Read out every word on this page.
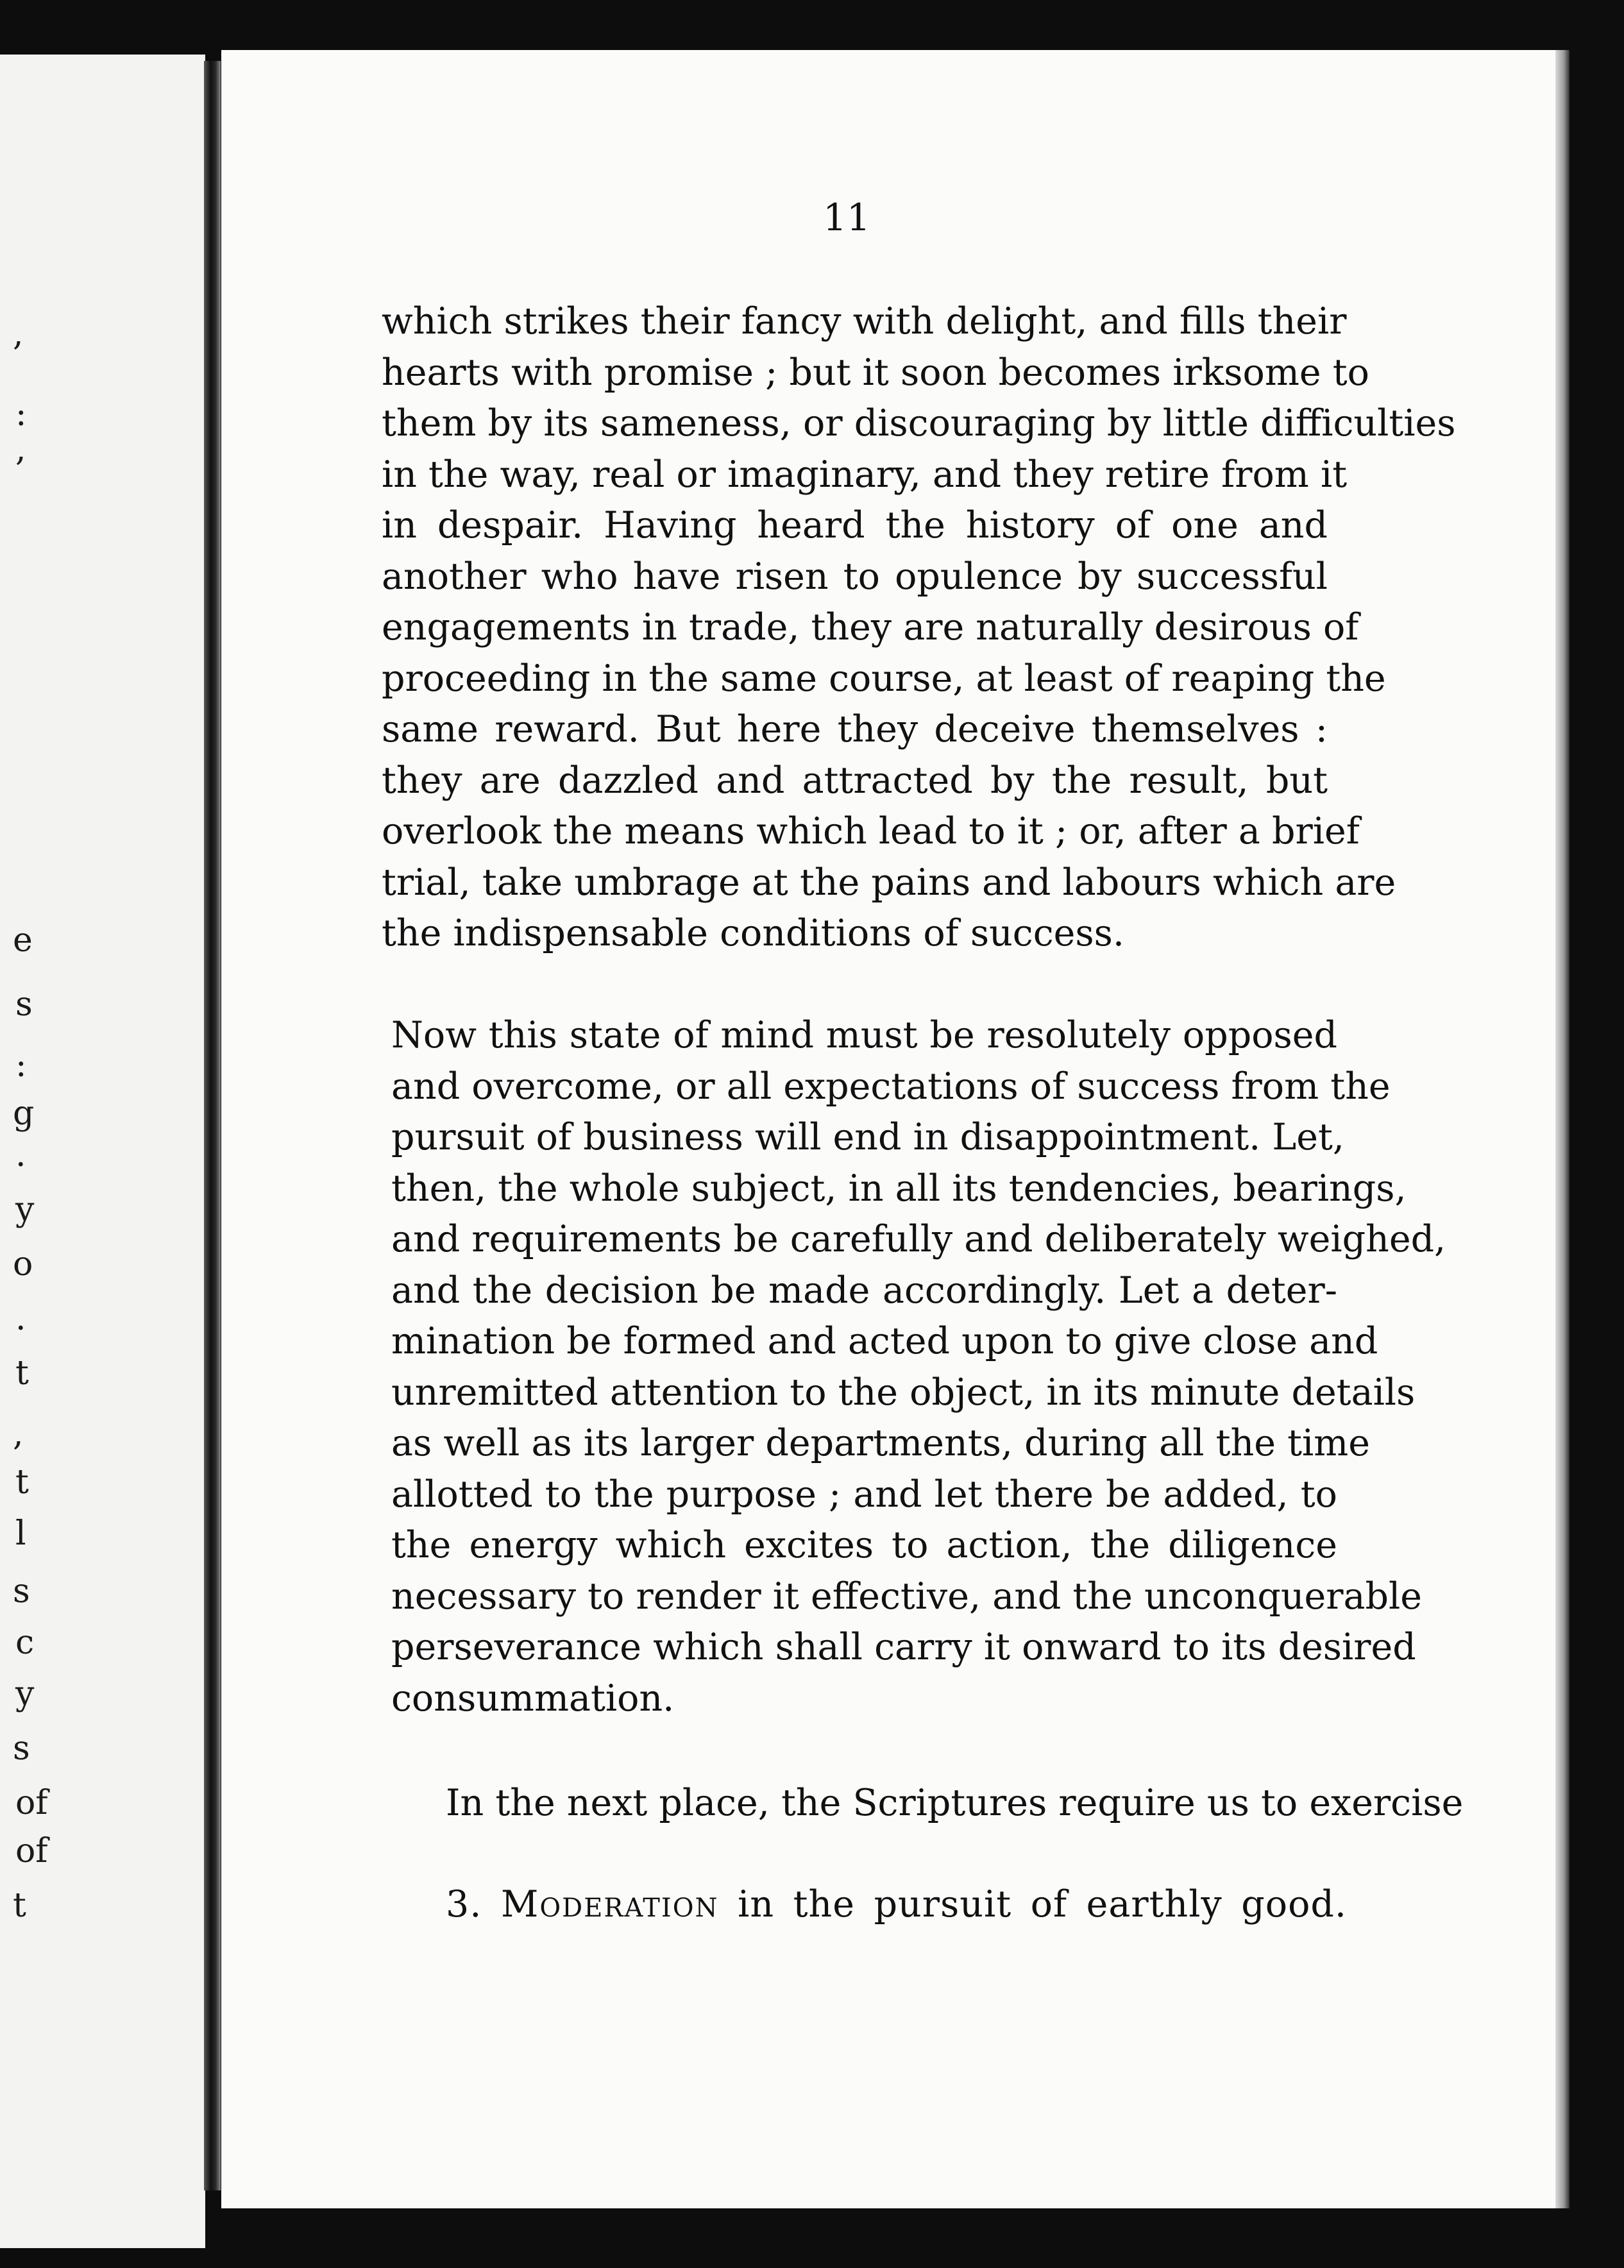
,
:
,
e
s
:
g
.
y
o
.
t
,
t
l
s
c
y
s
of
of
t
11
which strikes their fancy with delight, and fills their
hearts with promise ; but it soon becomes irksome to
them by its sameness, or discouraging by little difficulties
in the way, real or imaginary, and they retire from it
in despair. Having heard the history of one and
another who have risen to opulence by successful
engagements in trade, they are naturally desirous of
proceeding in the same course, at least of reaping the
same reward. But here they deceive themselves :
they are dazzled and attracted by the result, but
overlook the means which lead to it ; or, after a brief
trial, take umbrage at the pains and labours which are
the indispensable conditions of success.
Now this state of mind must be resolutely opposed
and overcome, or all expectations of success from the
pursuit of business will end in disappointment. Let,
then, the whole subject, in all its tendencies, bearings,
and requirements be carefully and deliberately weighed,
and the decision be made accordingly. Let a deter-
mination be formed and acted upon to give close and
unremitted attention to the object, in its minute details
as well as its larger departments, during all the time
allotted to the purpose ; and let there be added, to
the energy which excites to action, the diligence
necessary to render it effective, and the unconquerable
perseverance which shall carry it onward to its desired
consummation.
In the next place, the Scriptures require us to exercise
3. Moderation in the pursuit of earthly good.
